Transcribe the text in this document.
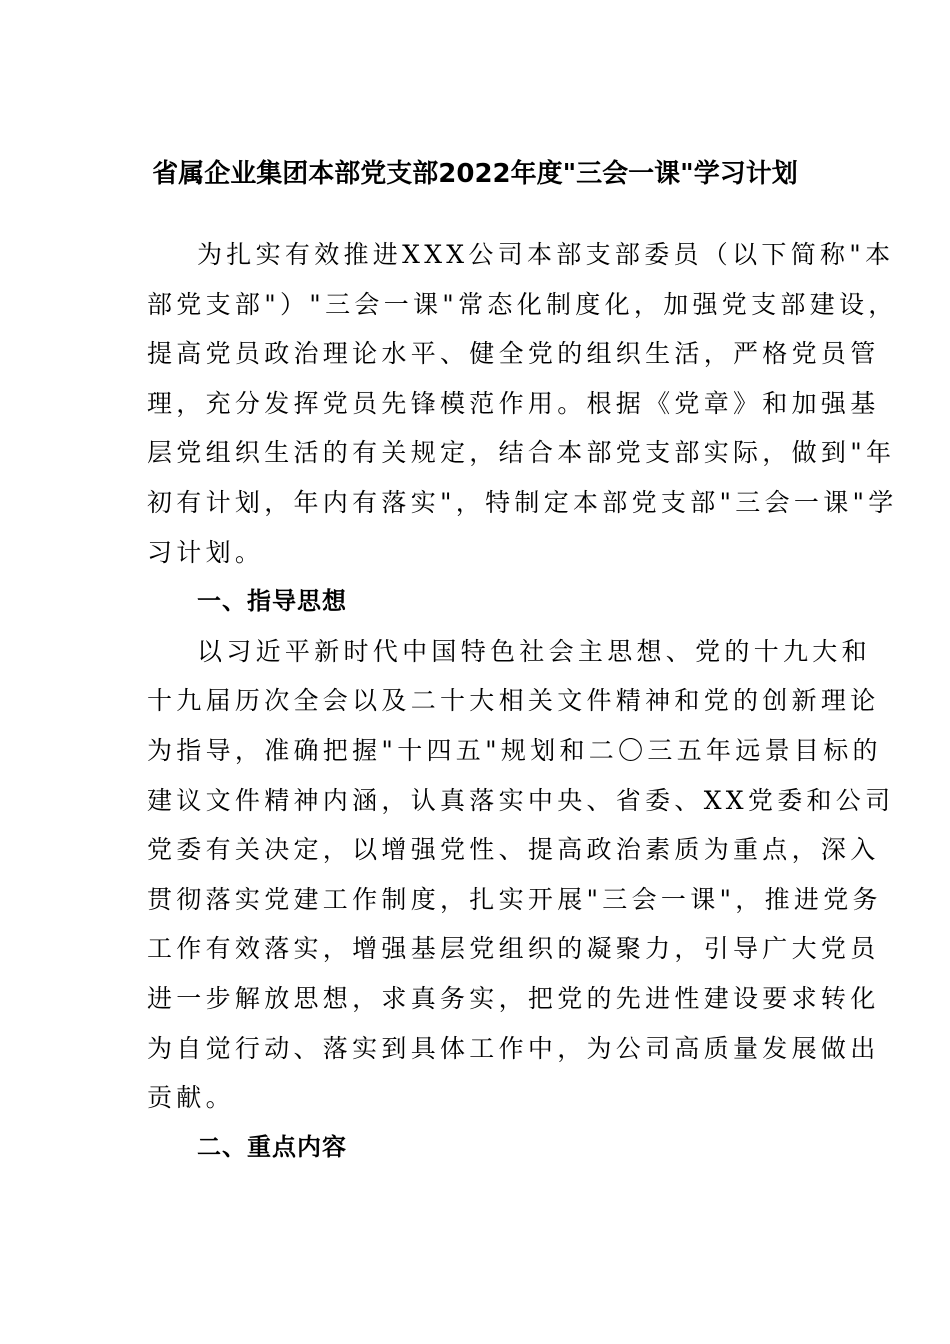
省属企业集团本部党支部2022年度"三会一课"学习计划
为扎实有效推进XXX公司本部支部委员（以下简称"本
部党支部"）"三会一课"常态化制度化，加强党支部建设，
提高党员政治理论水平、健全党的组织生活，严格党员管
理，充分发挥党员先锋模范作用。根据《党章》和加强基
层党组织生活的有关规定，结合本部党支部实际，做到"年
初有计划，年内有落实"，特制定本部党支部"三会一课"学
习计划。
一、指导思想
以习近平新时代中国特色社会主思想、党的十九大和
十九届历次全会以及二十大相关文件精神和党的创新理论
为指导，准确把握"十四五"规划和二〇三五年远景目标的
建议文件精神内涵，认真落实中央、省委、XX党委和公司
党委有关决定，以增强党性、提高政治素质为重点，深入
贯彻落实党建工作制度，扎实开展"三会一课"，推进党务
工作有效落实，增强基层党组织的凝聚力，引导广大党员
进一步解放思想，求真务实，把党的先进性建设要求转化
为自觉行动、落实到具体工作中，为公司高质量发展做出
贡献。
二、重点内容
